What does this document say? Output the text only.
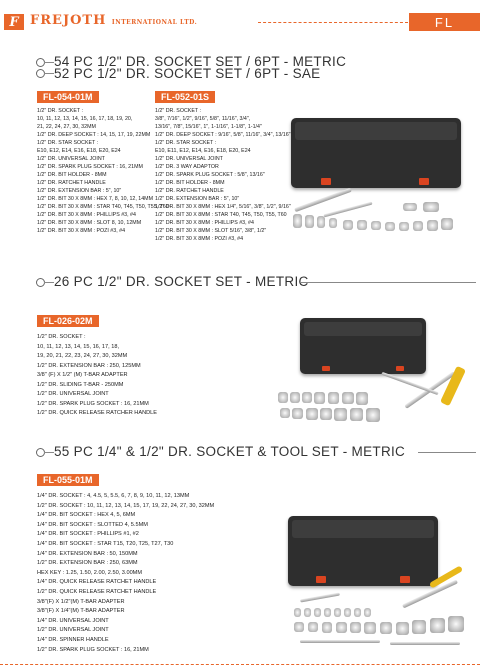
F FREJOTH INTERNATIONAL LTD.	FL
54 PC 1/2" DR. SOCKET SET / 6PT - METRIC
52 PC 1/2" DR. SOCKET SET / 6PT - SAE
FL-054-01M	FL-052-01S
1/2" DR. SOCKET :
10, 11, 12, 13, 14, 15, 16, 17, 18, 19, 20,
21, 22, 24, 27, 30, 32MM
1/2" DR. DEEP SOCKET : 14, 15, 17, 19, 22MM
1/2" DR. STAR SOCKET :
E10, E12, E14, E16, E18, E20, E24
1/2" DR. UNIVERSAL JOINT
1/2" DR. SPARK PLUG SOCKET : 16, 21MM
1/2" DR. BIT HOLDER - 8MM
1/2" DR. RATCHET HANDLE
1/2" DR. EXTENSION BAR : 5", 10"
1/2" DR. BIT 30 X 8MM : HEX 7, 8, 10, 12, 14MM
1/2" DR. BIT 30 X 8MM : STAR T40, T45, T50, T55, T60
1/2" DR. BIT 30 X 8MM : PHILLIPS #3, #4
1/2" DR. BIT 30 X 8MM : SLOT 8, 10, 12MM
1/2" DR. BIT 30 X 8MM : POZI #3, #4
1/2" DR. SOCKET :
3/8", 7/16", 1/2", 9/16", 5/8", 11/16", 3/4",
13/16", 7/8", 15/16", 1", 1-1/16", 1-1/8", 1-1/4"
1/2" DR. DEEP SOCKET : 9/16", 5/8", 11/16", 3/4", 13/16"
1/2" DR. STAR SOCKET :
E10, E11, E12, E14, E16, E18, E20, E24
1/2" DR. UNIVERSAL JOINT
1/2" DR. 3 WAY ADAPTOR
1/2" DR. SPARK PLUG SOCKET : 5/8", 13/16"
1/2" DR. BIT HOLDER - 8MM
1/2" DR. RATCHET HANDLE
1/2" DR. EXTENSION BAR : 5", 10"
1/2" DR. BIT 30 X 8MM : HEX 1/4", 5/16", 3/8", 1/2", 9/16"
1/2" DR. BIT 30 X 8MM : STAR T40, T45, T50, T55, T60
1/2" DR. BIT 30 X 8MM : PHILLIPS #3, #4
1/2" DR. BIT 30 X 8MM : SLOT 5/16", 3/8", 1/2"
1/2" DR. BIT 30 X 8MM : POZI #3, #4
26 PC 1/2" DR. SOCKET SET - METRIC
FL-026-02M
1/2" DR. SOCKET :
10, 11, 12, 13, 14, 15, 16, 17, 18,
19, 20, 21, 22, 23, 24, 27, 30, 32MM
1/2" DR. EXTENSION BAR : 250, 125MM
3/8" (F) X 1/2" (M) T-BAR ADAPTER
1/2" DR. SLIDING T-BAR - 250MM
1/2" DR. UNIVERSAL JOINT
1/2" DR. SPARK PLUG SOCKET : 16, 21MM
1/2" DR. QUICK RELEASE RATCHER HANDLE
55 PC 1/4" & 1/2" DR. SOCKET & TOOL SET - METRIC
FL-055-01M
1/4" DR. SOCKET : 4, 4.5, 5, 5.5, 6, 7, 8, 9, 10, 11, 12, 13MM
1/2" DR. SOCKET : 10, 11, 12, 13, 14, 15, 17, 19, 22, 24, 27, 30, 32MM
1/4" DR. BIT SOCKET : HEX 4, 5, 6MM
1/4" DR. BIT SOCKET : SLOTTED 4, 5.5MM
1/4" DR. BIT SOCKET : PHILLIPS #1, #2
1/4" DR. BIT SOCKET : STAR T15, T20, T25, T27, T30
1/4" DR. EXTENSION BAR : 50, 150MM
1/2" DR. EXTENSION BAR : 250, 63MM
HEX KEY : 1.25, 1.50, 2.00, 2.50, 3.00MM
1/4" DR. QUICK RELEASE RATCHET HANDLE
1/2" DR. QUICK RELEASE RATCHET HANDLE
3/8"(F) X 1/2"(M) T-BAR ADAPTER
3/8"(F) X 1/4"(M) T-BAR ADAPTER
1/4" DR. UNIVERSAL JOINT
1/2" DR. UNIVERSAL JOINT
1/4" DR. SPINNER HANDLE
1/2" DR. SPARK PLUG SOCKET : 16, 21MM
